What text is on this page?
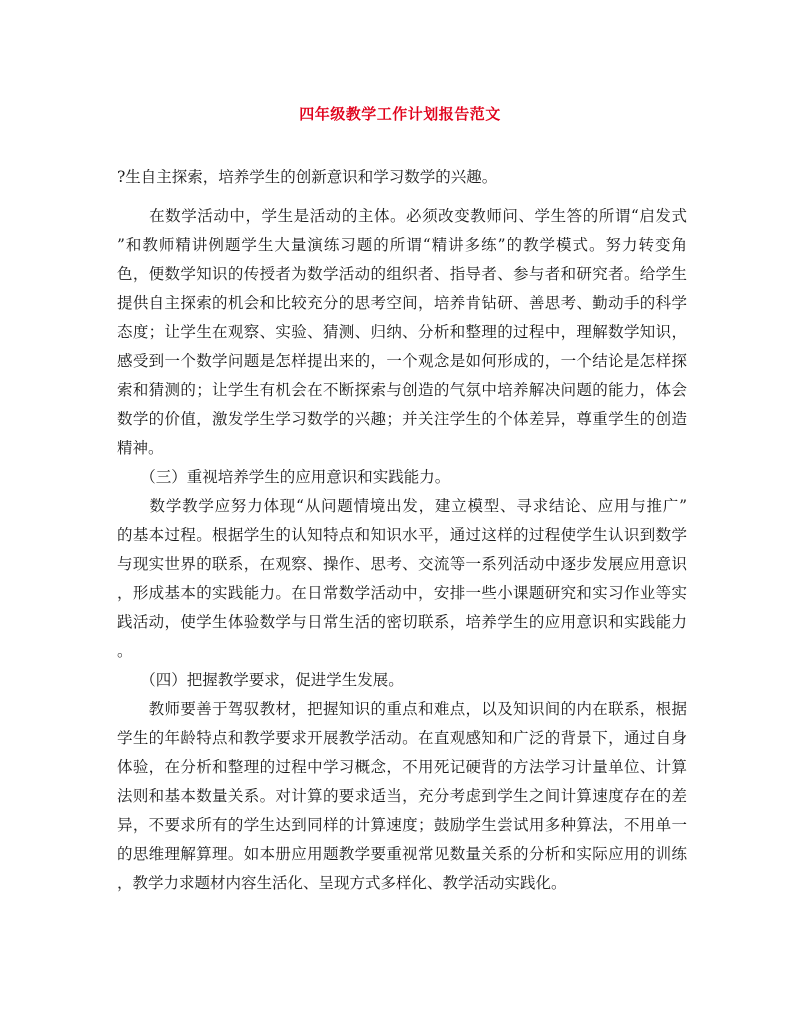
四年级教学工作计划报告范文
?生自主探索，培养学生的创新意识和学习数学的兴趣。
　　在数学活动中，学生是活动的主体。必须改变教师问、学生答的所谓“启发式
”和教师精讲例题学生大量演练习题的所谓“精讲多练”的教学模式。努力转变角
色，便数学知识的传授者为数学活动的组织者、指导者、参与者和研究者。给学生
提供自主探索的机会和比较充分的思考空间，培养肯钻研、善思考、勤动手的科学
态度；让学生在观察、实验、猜测、归纳、分析和整理的过程中，理解数学知识，
感受到一个数学问题是怎样提出来的，一个观念是如何形成的，一个结论是怎样探
索和猜测的；让学生有机会在不断探索与创造的气氛中培养解决问题的能力，体会
数学的价值，激发学生学习数学的兴趣；并关注学生的个体差异，尊重学生的创造
精神。
　　（三）重视培养学生的应用意识和实践能力。
　　数学教学应努力体现“从问题情境出发，建立模型、寻求结论、应用与推广”
的基本过程。根据学生的认知特点和知识水平，通过这样的过程使学生认识到数学
与现实世界的联系，在观察、操作、思考、交流等一系列活动中逐步发展应用意识
，形成基本的实践能力。在日常数学活动中，安排一些小课题研究和实习作业等实
践活动，使学生体验数学与日常生活的密切联系，培养学生的应用意识和实践能力
。
　　（四）把握教学要求，促进学生发展。
　　教师要善于驾驭教材，把握知识的重点和难点，以及知识间的内在联系，根据
学生的年龄特点和教学要求开展教学活动。在直观感知和广泛的背景下，通过自身
体验，在分析和整理的过程中学习概念，不用死记硬背的方法学习计量单位、计算
法则和基本数量关系。对计算的要求适当，充分考虑到学生之间计算速度存在的差
异，不要求所有的学生达到同样的计算速度；鼓励学生尝试用多种算法，不用单一
的思维理解算理。如本册应用题教学要重视常见数量关系的分析和实际应用的训练
，教学力求题材内容生活化、呈现方式多样化、教学活动实践化。
